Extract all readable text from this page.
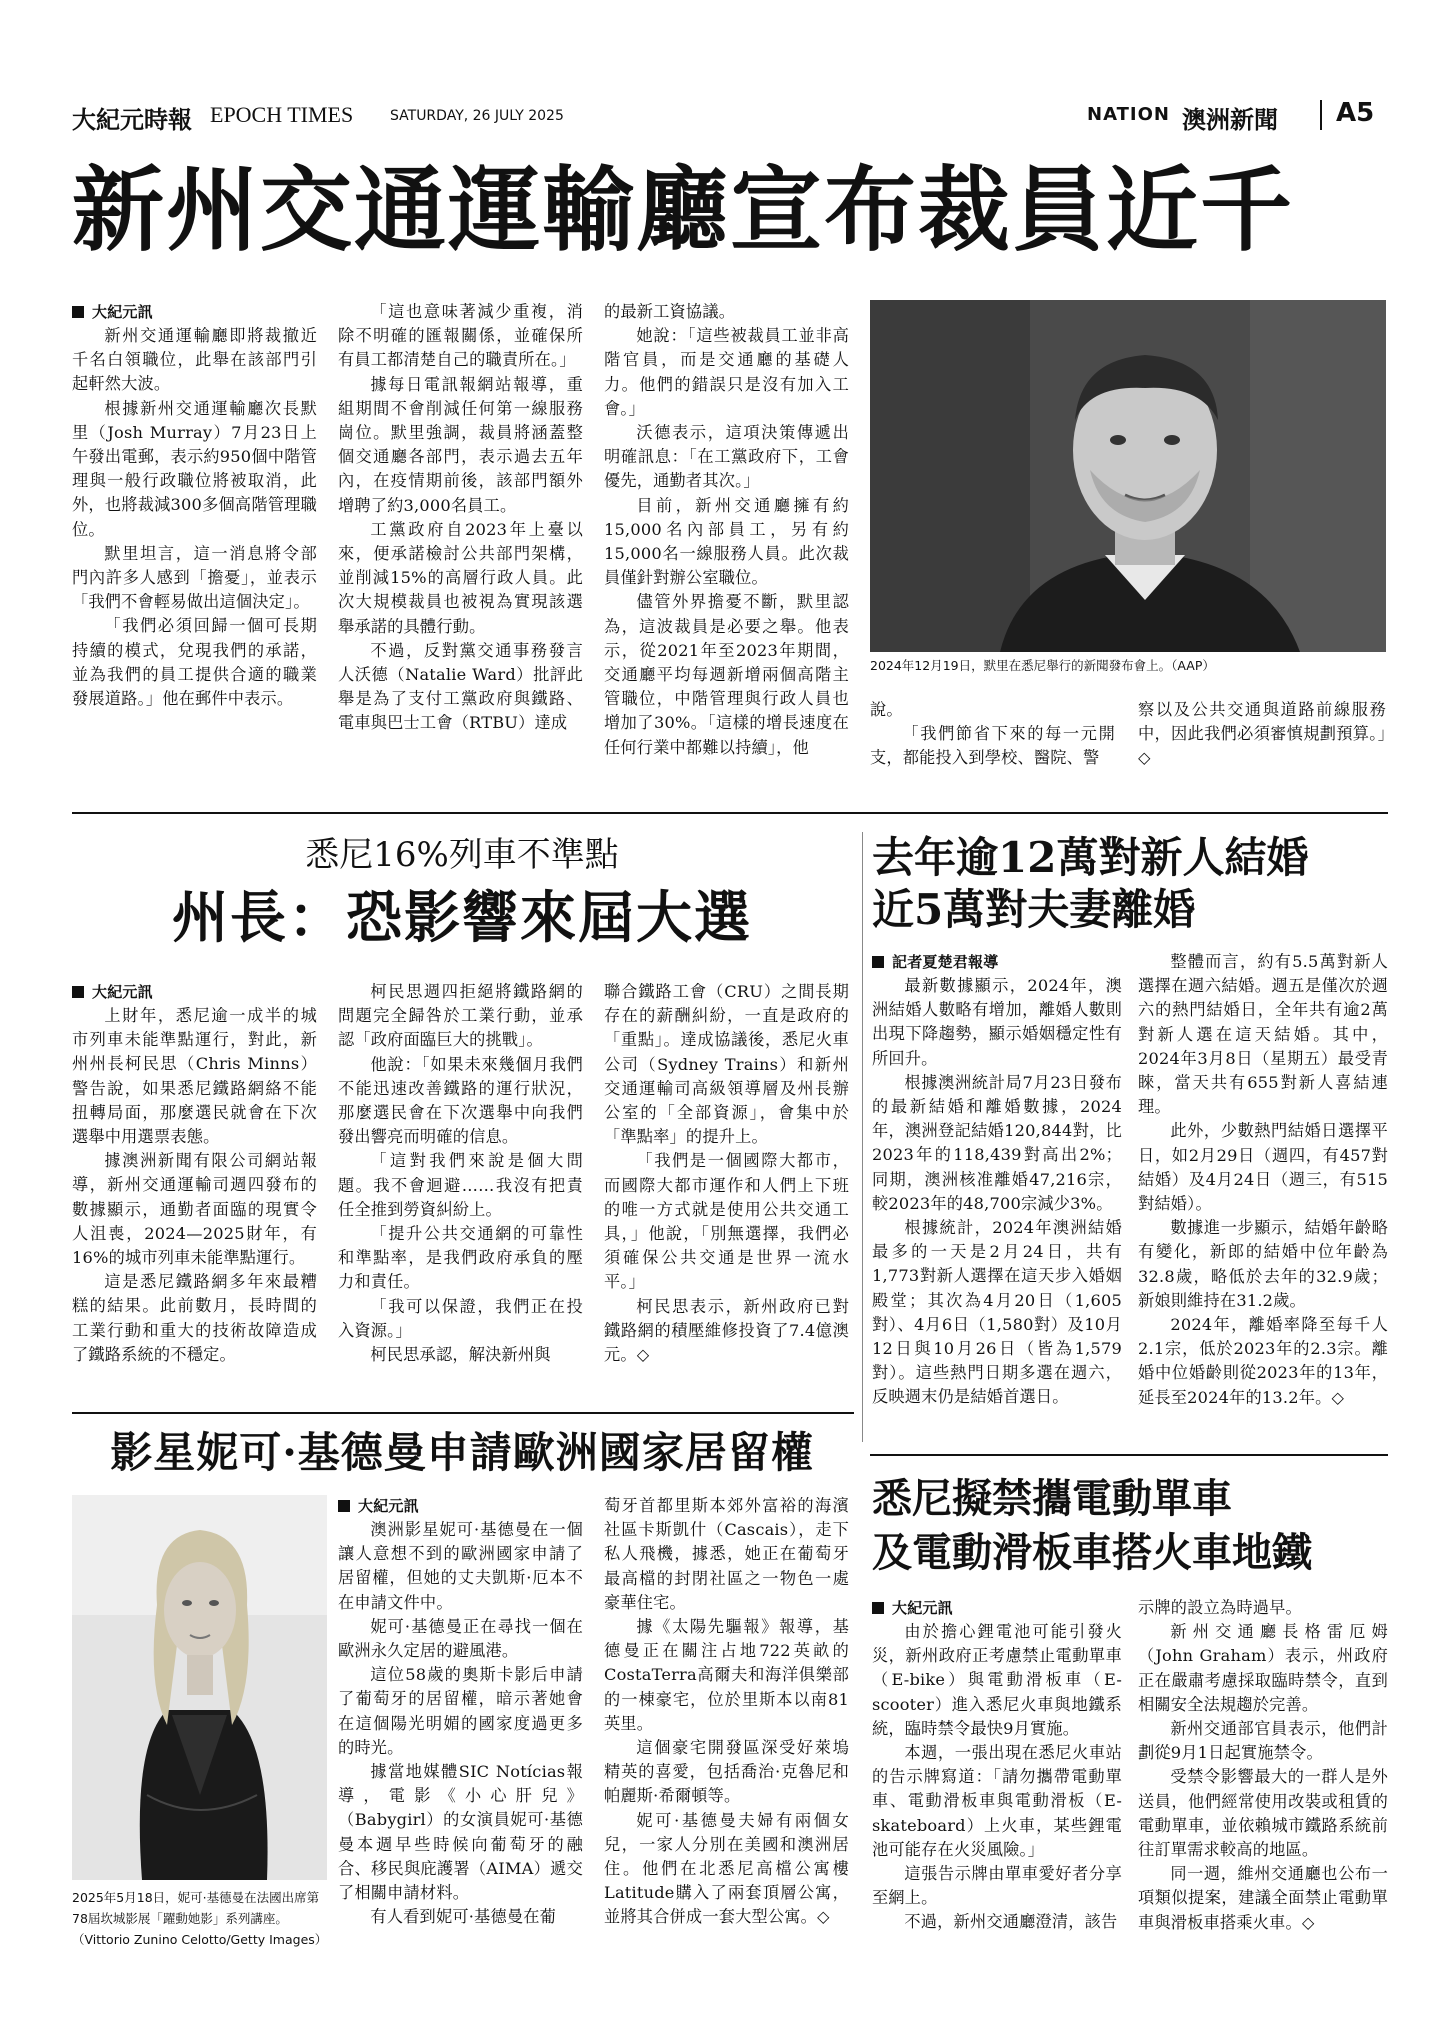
大紀元時報 EPOCH TIMES	SATURDAY, 26 JULY 2025	NATION 澳洲新聞 A5
新州交通運輸廳宣布裁員近千

大紀元訊

新州交通運輸廳即將裁撤近千名白領職位，此舉在該部門引起軒然大波。

根據新州交通運輸廳次長默里（Josh Murray）7月23日上午發出電郵，表示約950個中階管理與一般行政職位將被取消，此外，也將裁減300多個高階管理職位。

默里坦言，這一消息將令部門內許多人感到「擔憂」，並表示「我們不會輕易做出這個決定」。

「我們必須回歸一個可長期持續的模式，兌現我們的承諾，並為我們的員工提供合適的職業發展道路。」他在郵件中表示。

「這也意味著減少重複，消除不明確的匯報關係，並確保所有員工都清楚自己的職責所在。」

據每日電訊報網站報導，重組期間不會削減任何第一線服務崗位。默里強調，裁員將涵蓋整個交通廳各部門，表示過去五年內，在疫情期前後，該部門額外增聘了約3,000名員工。

工黨政府自2023年上臺以來，便承諾檢討公共部門架構，並削減15%的高層行政人員。此次大規模裁員也被視為實現該選舉承諾的具體行動。

不過，反對黨交通事務發言人沃德（Natalie Ward）批評此舉是為了支付工黨政府與鐵路、電車與巴士工會（RTBU）達成

的最新工資協議。

她說：「這些被裁員工並非高階官員，而是交通廳的基礎人力。他們的錯誤只是沒有加入工會。」

沃德表示，這項決策傳遞出明確訊息：「在工黨政府下，工會優先，通勤者其次。」

目前，新州交通廳擁有約15,000名內部員工，另有約15,000名一線服務人員。此次裁員僅針對辦公室職位。

儘管外界擔憂不斷，默里認為，這波裁員是必要之舉。他表示，從2021年至2023年期間，交通廳平均每週新增兩個高階主管職位，中階管理與行政人員也增加了30%。「這樣的增長速度在任何行業中都難以持續」，他

2024年12月19日，默里在悉尼舉行的新聞發布會上。（AAP）

說。

「我們節省下來的每一元開支，都能投入到學校、醫院、警

察以及公共交通與道路前線服務中，因此我們必須審慎規劃預算。」◇

悉尼16%列車不準點
州長：恐影響來屆大選

大紀元訊

上財年，悉尼逾一成半的城市列車未能準點運行，對此，新州州長柯民思（Chris Minns）警告說，如果悉尼鐵路網絡不能扭轉局面，那麼選民就會在下次選舉中用選票表態。

據澳洲新聞有限公司網站報導，新州交通運輸司週四發布的數據顯示，通勤者面臨的現實令人沮喪，2024—2025財年，有16%的城市列車未能準點運行。

這是悉尼鐵路網多年來最糟糕的結果。此前數月，長時間的工業行動和重大的技術故障造成了鐵路系統的不穩定。

柯民思週四拒絕將鐵路網的問題完全歸咎於工業行動，並承認「政府面臨巨大的挑戰」。

他說：「如果未來幾個月我們不能迅速改善鐵路的運行狀況，那麼選民會在下次選舉中向我們發出響亮而明確的信息。

「這對我們來說是個大問題。我不會迴避……我沒有把責任全推到勞資糾紛上。

「提升公共交通網的可靠性和準點率，是我們政府承負的壓力和責任。

「我可以保證，我們正在投入資源。」

柯民思承認，解決新州與

聯合鐵路工會（CRU）之間長期存在的薪酬糾紛，一直是政府的「重點」。達成協議後，悉尼火車公司（Sydney Trains）和新州交通運輸司高級領導層及州長辦公室的「全部資源」，會集中於「準點率」的提升上。

「我們是一個國際大都市，而國際大都市運作和人們上下班的唯一方式就是使用公共交通工具，」他說，「別無選擇，我們必須確保公共交通是世界一流水平。」

柯民思表示，新州政府已對鐵路網的積壓維修投資了7.4億澳元。◇

去年逾12萬對新人結婚
近5萬對夫妻離婚

記者夏楚君報導

最新數據顯示，2024年，澳洲結婚人數略有增加，離婚人數則出現下降趨勢，顯示婚姻穩定性有所回升。

根據澳洲統計局7月23日發布的最新結婚和離婚數據，2024年，澳洲登記結婚120,844對，比2023年的118,439對高出2%；同期，澳洲核准離婚47,216宗，較2023年的48,700宗減少3%。

根據統計，2024年澳洲結婚最多的一天是2月24日，共有1,773對新人選擇在這天步入婚姻殿堂；其次為4月20日（1,605對）、4月6日（1,580對）及10月12日與10月26日（皆為1,579對）。這些熱門日期多選在週六，反映週末仍是結婚首選日。

整體而言，約有5.5萬對新人選擇在週六結婚。週五是僅次於週六的熱門結婚日，全年共有逾2萬對新人選在這天結婚。其中，2024年3月8日（星期五）最受青睞，當天共有655對新人喜結連理。

此外，少數熱門結婚日選擇平日，如2月29日（週四，有457對結婚）及4月24日（週三，有515對結婚）。

數據進一步顯示，結婚年齡略有變化，新郎的結婚中位年齡為32.8歲，略低於去年的32.9歲；新娘則維持在31.2歲。

2024年，離婚率降至每千人2.1宗，低於2023年的2.3宗。離婚中位婚齡則從2023年的13年，延長至2024年的13.2年。◇

影星妮可·基德曼申請歐洲國家居留權
2025年5月18日，妮可·基德曼在法國出席第78屆坎城影展「躍動她影」系列講座。（Vittorio Zunino Celotto/Getty Images）

大紀元訊

澳洲影星妮可·基德曼在一個讓人意想不到的歐洲國家申請了居留權，但她的丈夫凱斯·厄本不在申請文件中。

妮可·基德曼正在尋找一個在歐洲永久定居的避風港。

這位58歲的奧斯卡影后申請了葡萄牙的居留權，暗示著她會在這個陽光明媚的國家度過更多的時光。

據當地媒體SIC Notícias報導，電影《小心肝兒》（Babygirl）的女演員妮可·基德曼本週早些時候向葡萄牙的融合、移民與庇護署（AIMA）遞交了相關申請材料。

有人看到妮可·基德曼在葡

萄牙首都里斯本郊外富裕的海濱社區卡斯凱什（Cascais），走下私人飛機，據悉，她正在葡萄牙最高檔的封閉社區之一物色一處豪華住宅。

據《太陽先驅報》報導，基德曼正在關注占地722英畝的CostaTerra高爾夫和海洋俱樂部的一棟豪宅，位於里斯本以南81英里。

這個豪宅開發區深受好萊塢精英的喜愛，包括喬治·克魯尼和帕麗斯·希爾頓等。

妮可·基德曼夫婦有兩個女兒，一家人分別在美國和澳洲居住。他們在北悉尼高檔公寓樓Latitude購入了兩套頂層公寓，並將其合併成一套大型公寓。◇

悉尼擬禁攜電動單車
及電動滑板車搭火車地鐵

大紀元訊

由於擔心鋰電池可能引發火災，新州政府正考慮禁止電動單車（E-bike）與電動滑板車（E-scooter）進入悉尼火車與地鐵系統，臨時禁令最快9月實施。

本週，一張出現在悉尼火車站的告示牌寫道：「請勿攜帶電動單車、電動滑板車與電動滑板（E-skateboard）上火車，某些鋰電池可能存在火災風險。」

這張告示牌由單車愛好者分享至網上。

不過，新州交通廳澄清，該告

示牌的設立為時過早。

新州交通廳長格雷厄姆（John Graham）表示，州政府正在嚴肅考慮採取臨時禁令，直到相關安全法規趨於完善。

新州交通部官員表示，他們計劃從9月1日起實施禁令。

受禁令影響最大的一群人是外送員，他們經常使用改裝或租賃的電動單車，並依賴城市鐵路系統前往訂單需求較高的地區。

同一週，維州交通廳也公布一項類似提案，建議全面禁止電動單車與滑板車搭乘火車。◇
